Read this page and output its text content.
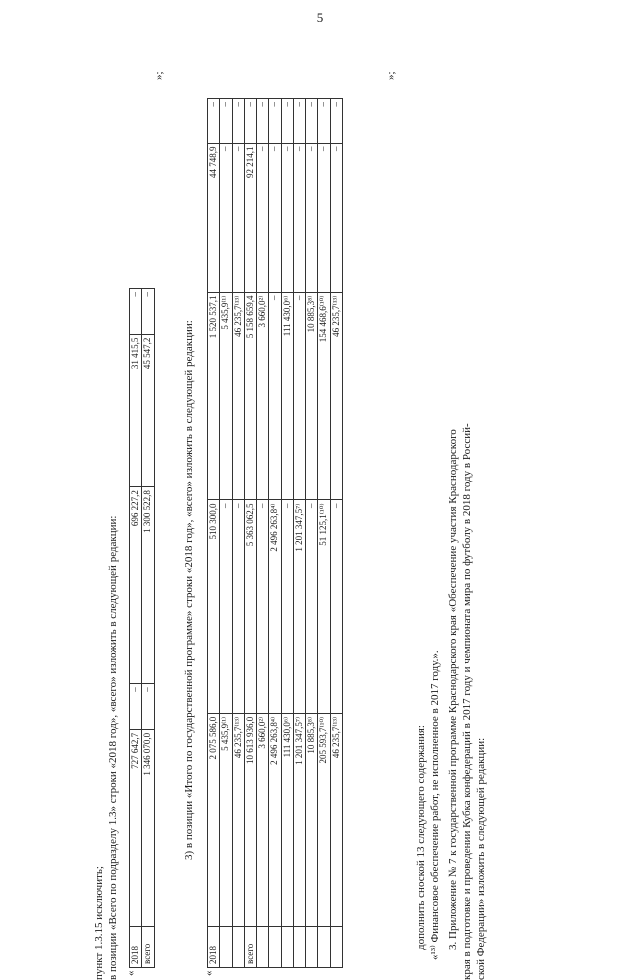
5
пункт 1.3.15 исключить; в позиции «Всего по подразделу 1.3» строки «2018 год», «всего» изложить в следующей редакции: «
2018	727 642,7	–	696 227,2	31 415,5	–
всего	1 346 070,0	–	1 300 522,8	45 547,2	–
»;
3) в позиции «Итого по государственной программе» строки «2018 год», «всего» изложить в следующей редакции:
«
2018	2 075 586,0	510 300,0	1 520 537,1	44 748,9	–
	5 435,9⁽¹⁾	–	5 435,9⁽¹⁾	–	–
	46 235,7⁽¹³⁾	–	46 235,7⁽¹³⁾	–	–
всего	10 613 936,0	5 363 062,5	5 158 659,4	92 214,1	–
	3 660,0²⁾	–	3 660,0²⁾	–	–
	2 496 263,8⁴⁾	2 496 263,8⁴⁾	–	–	–
	111 430,0⁶⁾	–	111 430,0⁶⁾	–	–
	1 201 347,5⁷⁾	1 201 347,5⁷⁾	–	–	–
	10 885,3⁸⁾	–	10 885,3⁸⁾	–	–
	205 593,7⁽¹⁰⁾	51 125,1⁽¹⁰⁾	154 468,6⁽¹⁰⁾	–	–
	46 235,7⁽¹³⁾	–	46 235,7⁽¹³⁾	–	–
»;
дополнить сноской 13 следующего содержания: «¹³⁾ Финансовое обеспечение работ, не исполненное в 2017 году.». 3. Приложение № 7 к государственной программе Краснодарского края «Обеспечение участия Краснодарского края в подготовке и проведении Кубка конфедераций в 2017 году и чемпионата мира по футболу в 2018 году в Россий- ской Федерации» изложить в следующей редакции:
